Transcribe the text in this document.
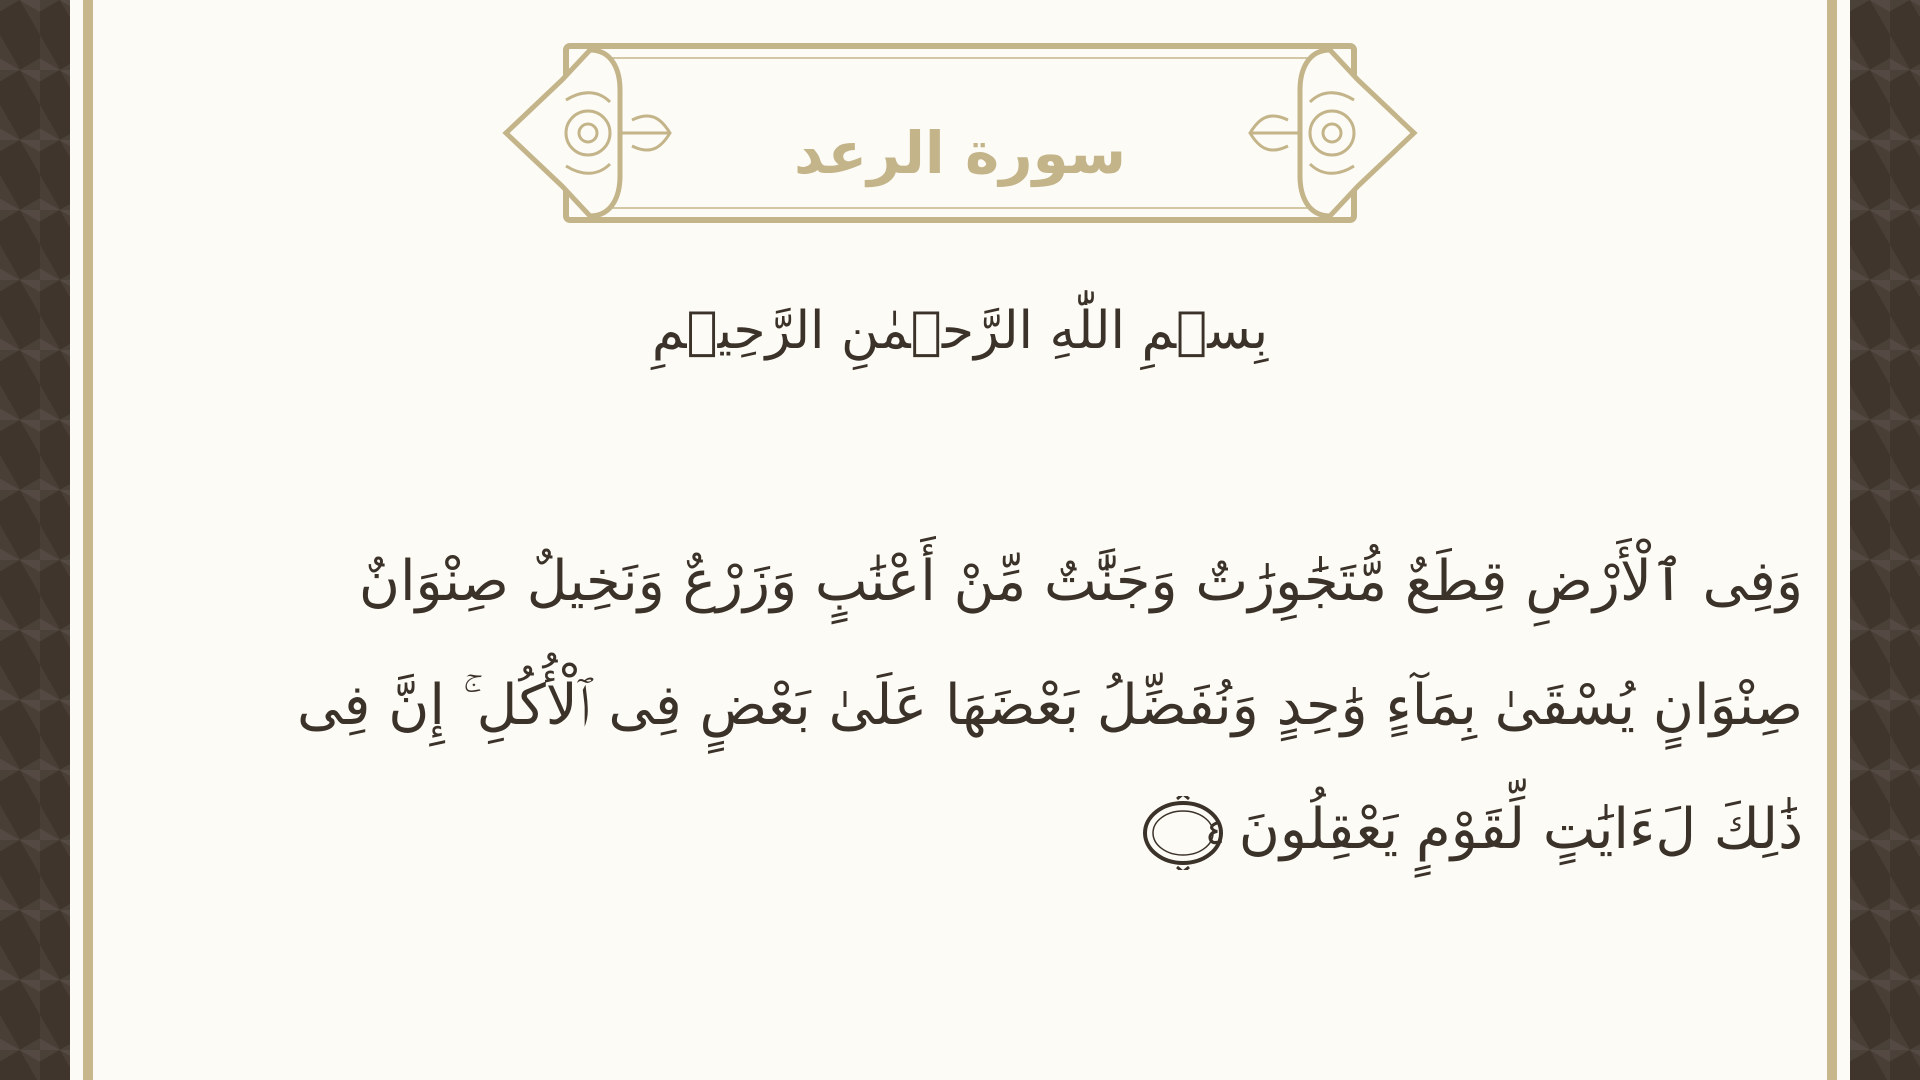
سورة الرعد
بِسۡمِ اللّٰهِ الرَّحۡمٰنِ الرَّحِيۡمِ
وَفِى ٱلْأَرْضِ قِطَعٌ مُّتَجَٰوِرَٰتٌ وَجَنَّٰتٌ مِّنْ أَعْنَٰبٍ وَزَرْعٌ وَنَخِيلٌ صِنْوَانٌ
صِنْوَانٍ يُسْقَىٰ بِمَآءٍ وَٰحِدٍ وَنُفَضِّلُ بَعْضَهَا عَلَىٰ بَعْضٍ فِى ٱلْأُكُلِ ۚ إِنَّ فِى
ذَٰلِكَ لَءَايَٰتٍ لِّقَوْمٍ يَعْقِلُونَ
٤
